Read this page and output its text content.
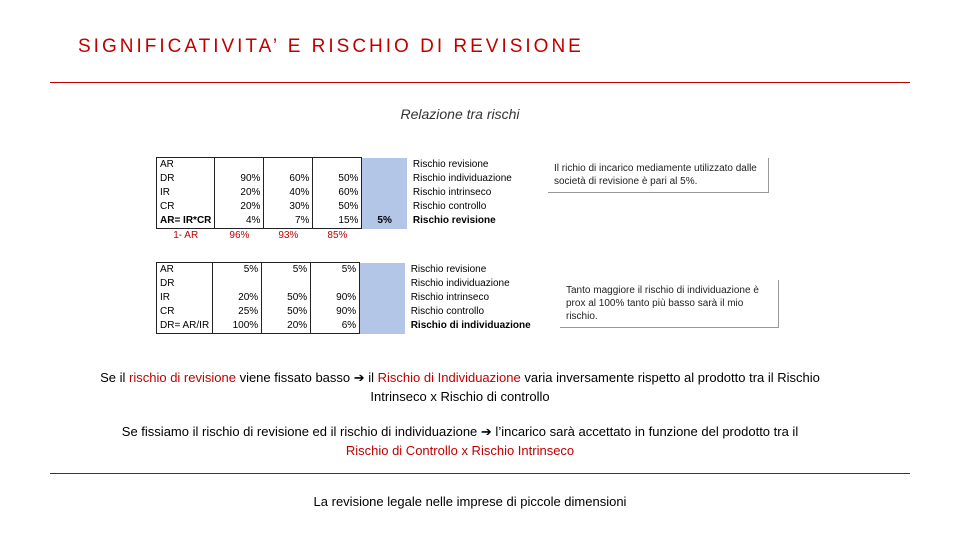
SIGNIFICATIVITA’ E RISCHIO DI REVISIONE
Relazione tra rischi
AR					Rischio revisione
DR	90%	60%	50%		Rischio individuazione
IR	20%	40%	60%		Rischio intrinseco
CR	20%	30%	50%		Rischio controllo
AR= IR*CR	4%	7%	15%	5%	Rischio revisione
1- AR	96%	93%	85%		
Il richio di incarico mediamente utilizzato dalle società di revisione è pari al 5%.
AR	5%	5%	5%		Rischio revisione
DR					Rischio individuazione
IR	20%	50%	90%		Rischio intrinseco
CR	25%	50%	90%		Rischio controllo
DR= AR/IR	100%	20%	6%		Rischio di individuazione
Tanto maggiore il rischio di individuazione è prox al 100% tanto più basso sarà il mio rischio.
Se il rischio di revisione viene fissato basso ➔ il Rischio di Individuazione varia inversamente rispetto al prodotto tra il Rischio Intrinseco x Rischio di controllo
Se fissiamo il rischio di revisione ed il rischio di individuazione ➔ l’incarico sarà accettato in funzione del prodotto tra il Rischio di Controllo x Rischio Intrinseco
La revisione legale nelle imprese di piccole dimensioni
